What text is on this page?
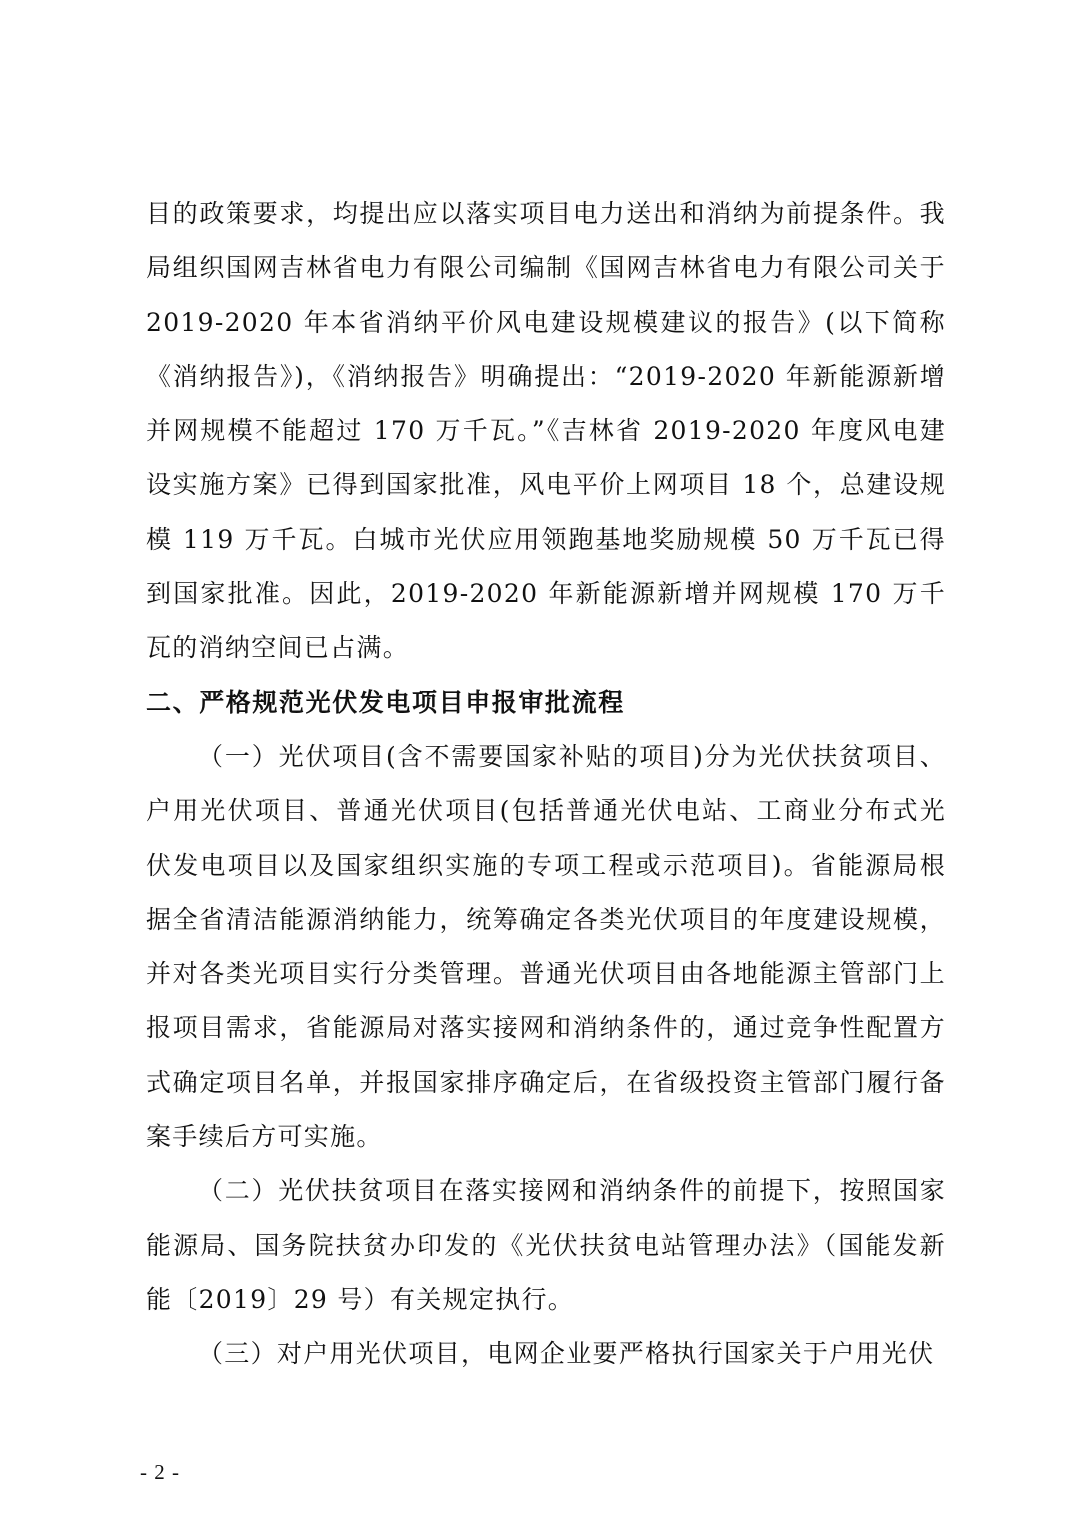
目的政策要求，均提出应以落实项目电力送出和消纳为前提条件。我局组织国网吉林省电力有限公司编制《国网吉林省电力有限公司关于 2019-2020 年本省消纳平价风电建设规模建议的报告》(以下简称《消纳报告》)，《消纳报告》明确提出：“2019-2020 年新能源新增并网规模不能超过 170 万千瓦。”《吉林省 2019-2020 年度风电建设实施方案》已得到国家批准，风电平价上网项目 18 个，总建设规模 119 万千瓦。白城市光伏应用领跑基地奖励规模 50 万千瓦已得到国家批准。因此，2019-2020 年新能源新增并网规模 170 万千瓦的消纳空间已占满。

二、严格规范光伏发电项目申报审批流程

（一）光伏项目(含不需要国家补贴的项目)分为光伏扶贫项目、户用光伏项目、普通光伏项目(包括普通光伏电站、工商业分布式光伏发电项目以及国家组织实施的专项工程或示范项目)。省能源局根据全省清洁能源消纳能力，统筹确定各类光伏项目的年度建设规模，并对各类光项目实行分类管理。普通光伏项目由各地能源主管部门上报项目需求，省能源局对落实接网和消纳条件的，通过竞争性配置方式确定项目名单，并报国家排序确定后，在省级投资主管部门履行备案手续后方可实施。

（二）光伏扶贫项目在落实接网和消纳条件的前提下，按照国家能源局、国务院扶贫办印发的《光伏扶贫电站管理办法》（国能发新能〔2019〕29 号）有关规定执行。

（三）对户用光伏项目，电网企业要严格执行国家关于户用光伏

- 2 -
